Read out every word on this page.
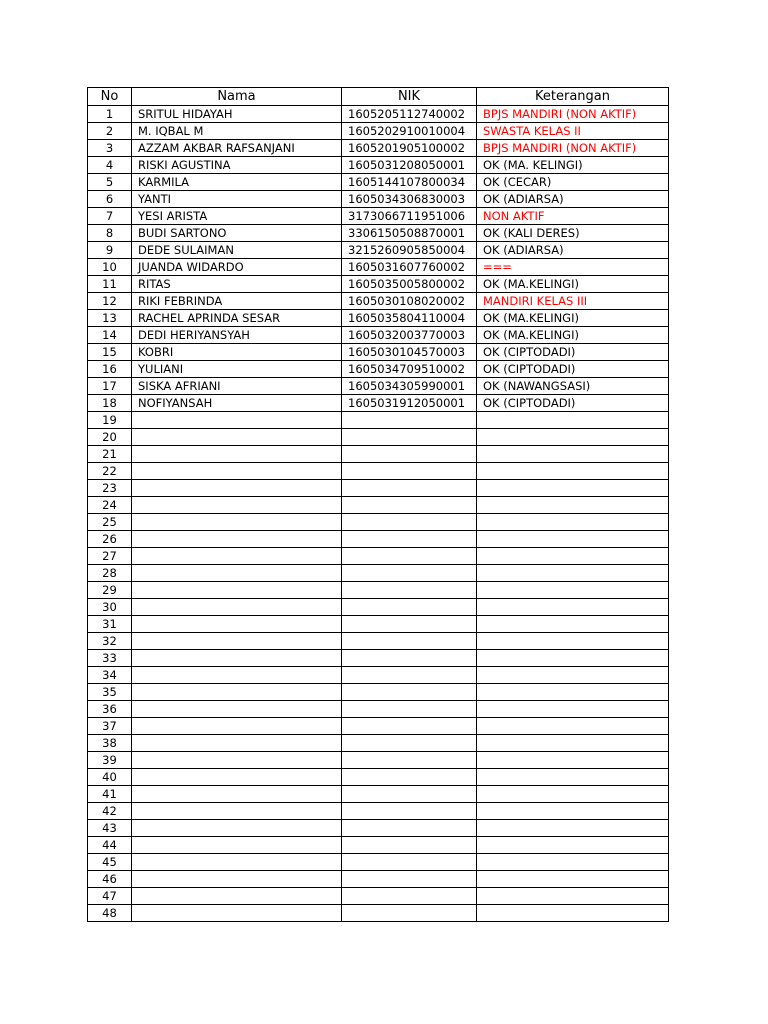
No	Nama	NIK	Keterangan
1	SRITUL HIDAYAH	1605205112740002	BPJS MANDIRI (NON AKTIF)
2	M. IQBAL M	1605202910010004	SWASTA KELAS II
3	AZZAM AKBAR RAFSANJANI	1605201905100002	BPJS MANDIRI (NON AKTIF)
4	RISKI AGUSTINA	1605031208050001	OK (MA. KELINGI)
5	KARMILA	1605144107800034	OK (CECAR)
6	YANTI	1605034306830003	OK (ADIARSA)
7	YESI ARISTA	3173066711951006	NON AKTIF
8	BUDI SARTONO	3306150508870001	OK (KALI DERES)
9	DEDE SULAIMAN	3215260905850004	OK (ADIARSA)
10	JUANDA WIDARDO	1605031607760002	===
11	RITAS	1605035005800002	OK (MA.KELINGI)
12	RIKI FEBRINDA	1605030108020002	MANDIRI KELAS III
13	RACHEL APRINDA SESAR	1605035804110004	OK (MA.KELINGI)
14	DEDI HERIYANSYAH	1605032003770003	OK (MA.KELINGI)
15	KOBRI	1605030104570003	OK (CIPTODADI)
16	YULIANI	1605034709510002	OK (CIPTODADI)
17	SISKA AFRIANI	1605034305990001	OK (NAWANGSASI)
18	NOFIYANSAH	1605031912050001	OK (CIPTODADI)
19			
20			
21			
22			
23			
24			
25			
26			
27			
28			
29			
30			
31			
32			
33			
34			
35			
36			
37			
38			
39			
40			
41			
42			
43			
44			
45			
46			
47			
48			
